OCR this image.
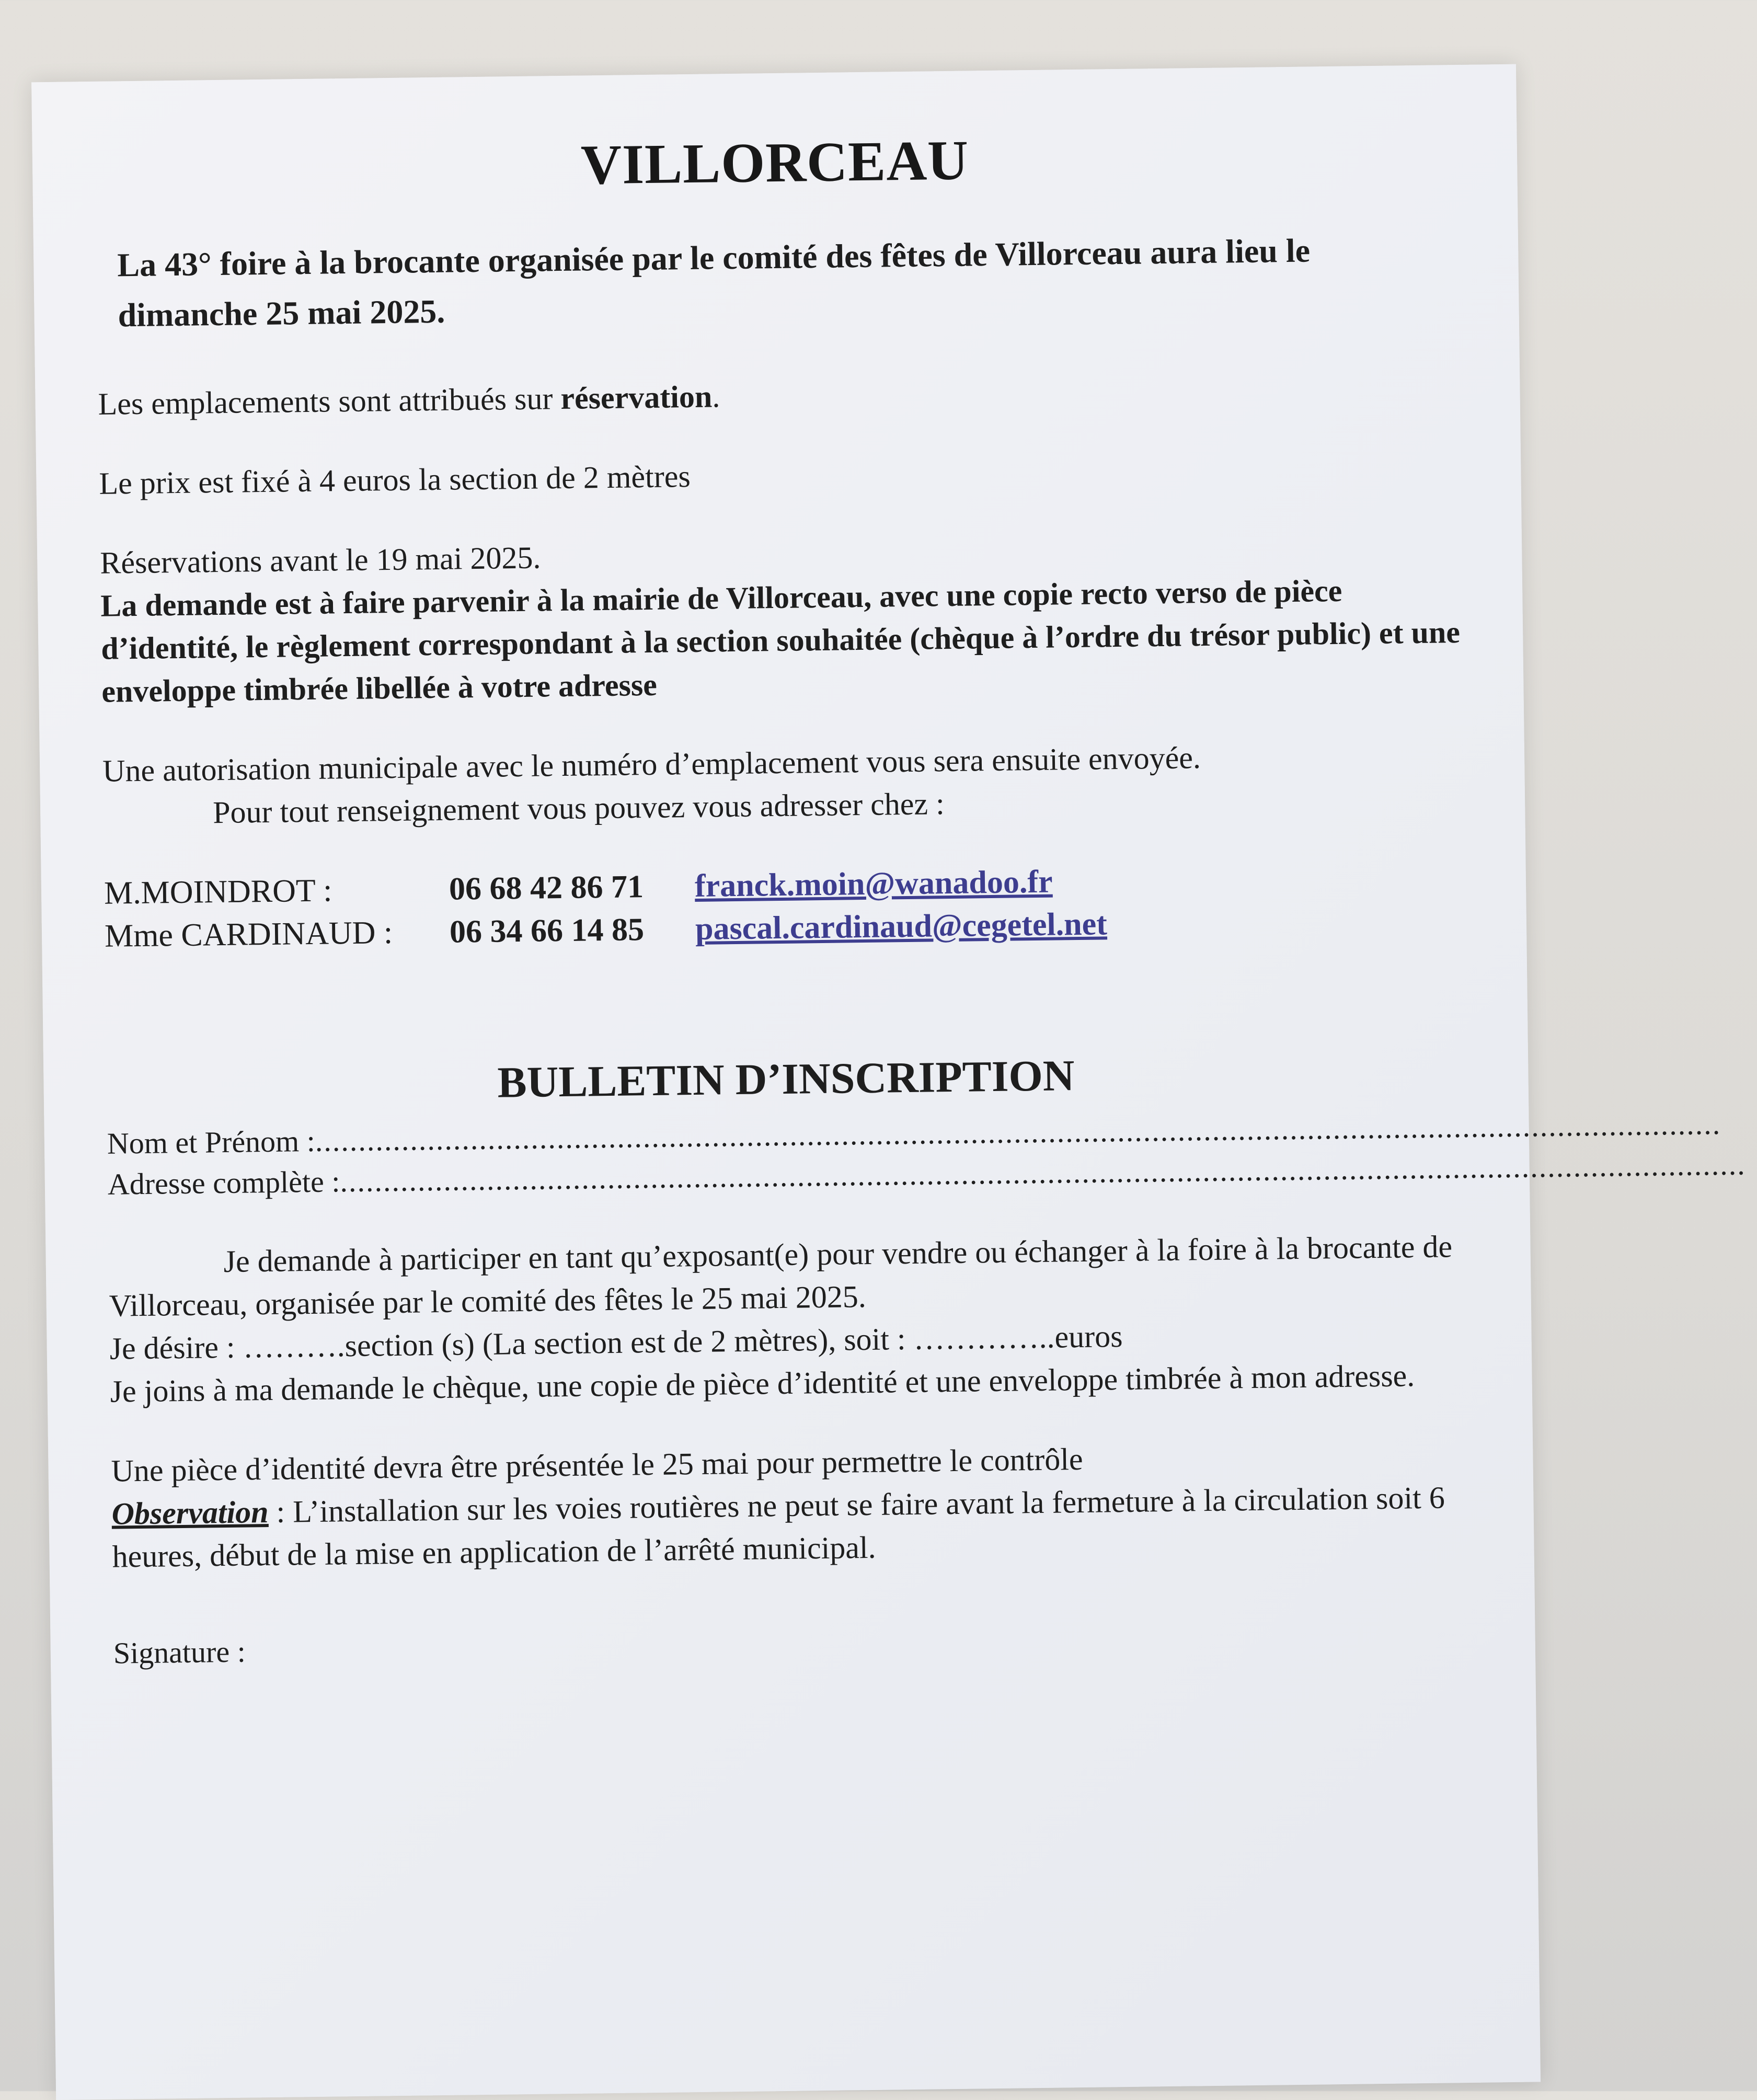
VILLORCEAU
La 43° foire à la brocante organisée par le comité des fêtes de Villorceau aura lieu le dimanche 25 mai 2025.

Les emplacements sont attribués sur réservation.

Le prix est fixé à 4 euros la section de 2 mètres

Réservations avant le 19 mai 2025.

La demande est à faire parvenir à la mairie de Villorceau, avec une copie recto verso de pièce d’identité, le règlement correspondant à la section souhaitée (chèque à l’ordre du trésor public) et une enveloppe timbrée libellée à votre adresse

Une autorisation municipale avec le numéro d’emplacement vous sera ensuite envoyée.

Pour tout renseignement vous pouvez vous adresser chez :

M.MOINDROT :	06 68 42 86 71 franck.moin@wanadoo.fr
Mme CARDINAUD : 06 34 66 14 85 pascal.cardinaud@cegetel.net
BULLETIN D’INSCRIPTION
Nom et Prénom :...................................................................................................................................................................
Adresse complète :...................................................................................................................................................................

Je demande à participer en tant qu’exposant(e) pour vendre ou échanger à la foire à la brocante de Villorceau, organisée par le comité des fêtes le 25 mai 2025.

Je désire : ……….section (s) (La section est de 2 mètres), soit : …………..euros

Je joins à ma demande le chèque, une copie de pièce d’identité et une enveloppe timbrée à mon adresse.

Une pièce d’identité devra être présentée le 25 mai pour permettre le contrôle

Observation : L’installation sur les voies routières ne peut se faire avant la fermeture à la circulation soit 6 heures, début de la mise en application de l’arrêté municipal.

Signature :
